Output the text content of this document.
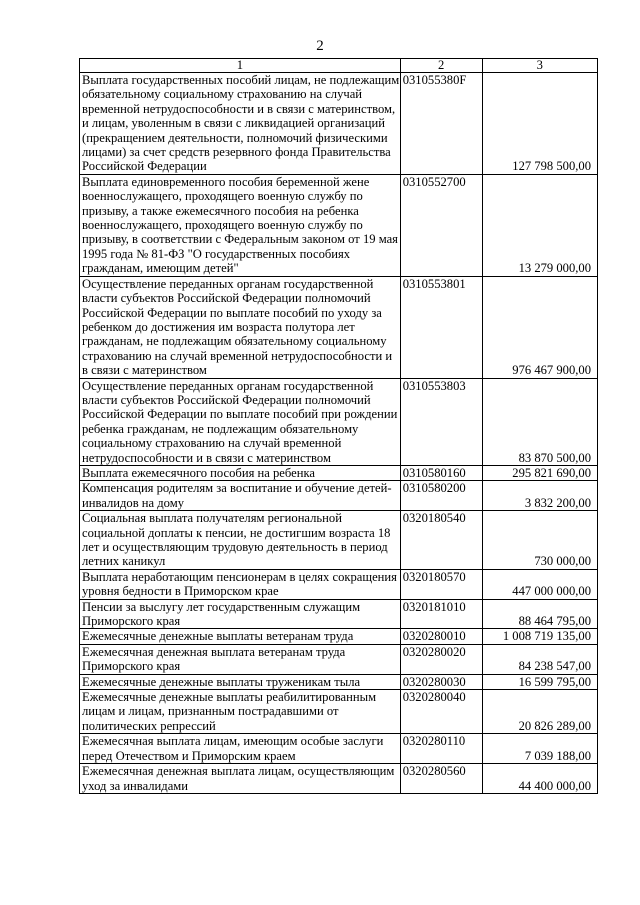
2
1	2	3
Выплата государственных пособий лицам, не подлежащим обязательному социальному страхованию на случай временной нетрудоспособности и в связи с материнством, и лицам, уволенным в связи с ликвидацией организаций (прекращением деятельности, полномочий физическими лицами) за счет средств резервного фонда Правительства Российской Федерации	031055380F	127 798 500,00
Выплата единовременного пособия беременной жене военнослужащего, проходящего военную службу по призыву, а также ежемесячного пособия на ребенка военнослужащего, проходящего военную службу по призыву, в соответствии с Федеральным законом от 19 мая 1995 года № 81-ФЗ "О государственных пособиях гражданам, имеющим детей"	0310552700	13 279 000,00
Осуществление переданных органам государственной власти субъектов Российской Федерации полномочий Российской Федерации по выплате пособий по уходу за ребенком до достижения им возраста полутора лет гражданам, не подлежащим обязательному социальному страхованию на случай временной нетрудоспособности и в связи с материнством	0310553801	976 467 900,00
Осуществление переданных органам государственной власти субъектов Российской Федерации полномочий Российской Федерации по выплате пособий при рождении ребенка гражданам, не подлежащим обязательному социальному страхованию на случай временной нетрудоспособности и в связи с материнством	0310553803	83 870 500,00
Выплата ежемесячного пособия на ребенка	0310580160	295 821 690,00
Компенсация родителям за воспитание и обучение детей-инвалидов на дому	0310580200	3 832 200,00
Социальная выплата получателям региональной социальной доплаты к пенсии, не достигшим возраста 18 лет и осуществляющим трудовую деятельность в период летних каникул	0320180540	730 000,00
Выплата неработающим пенсионерам в целях сокращения уровня бедности в Приморском крае	0320180570	447 000 000,00
Пенсии за выслугу лет государственным служащим Приморского края	0320181010	88 464 795,00
Ежемесячные денежные выплаты ветеранам труда	0320280010	1 008 719 135,00
Ежемесячная денежная выплата ветеранам труда Приморского края	0320280020	84 238 547,00
Ежемесячные денежные выплаты труженикам тыла	0320280030	16 599 795,00
Ежемесячные денежные выплаты реабилитированным лицам и лицам, признанным пострадавшими от политических репрессий	0320280040	20 826 289,00
Ежемесячная выплата лицам, имеющим особые заслуги перед Отечеством и Приморским краем	0320280110	7 039 188,00
Ежемесячная денежная выплата лицам, осуществляющим уход за инвалидами	0320280560	44 400 000,00
